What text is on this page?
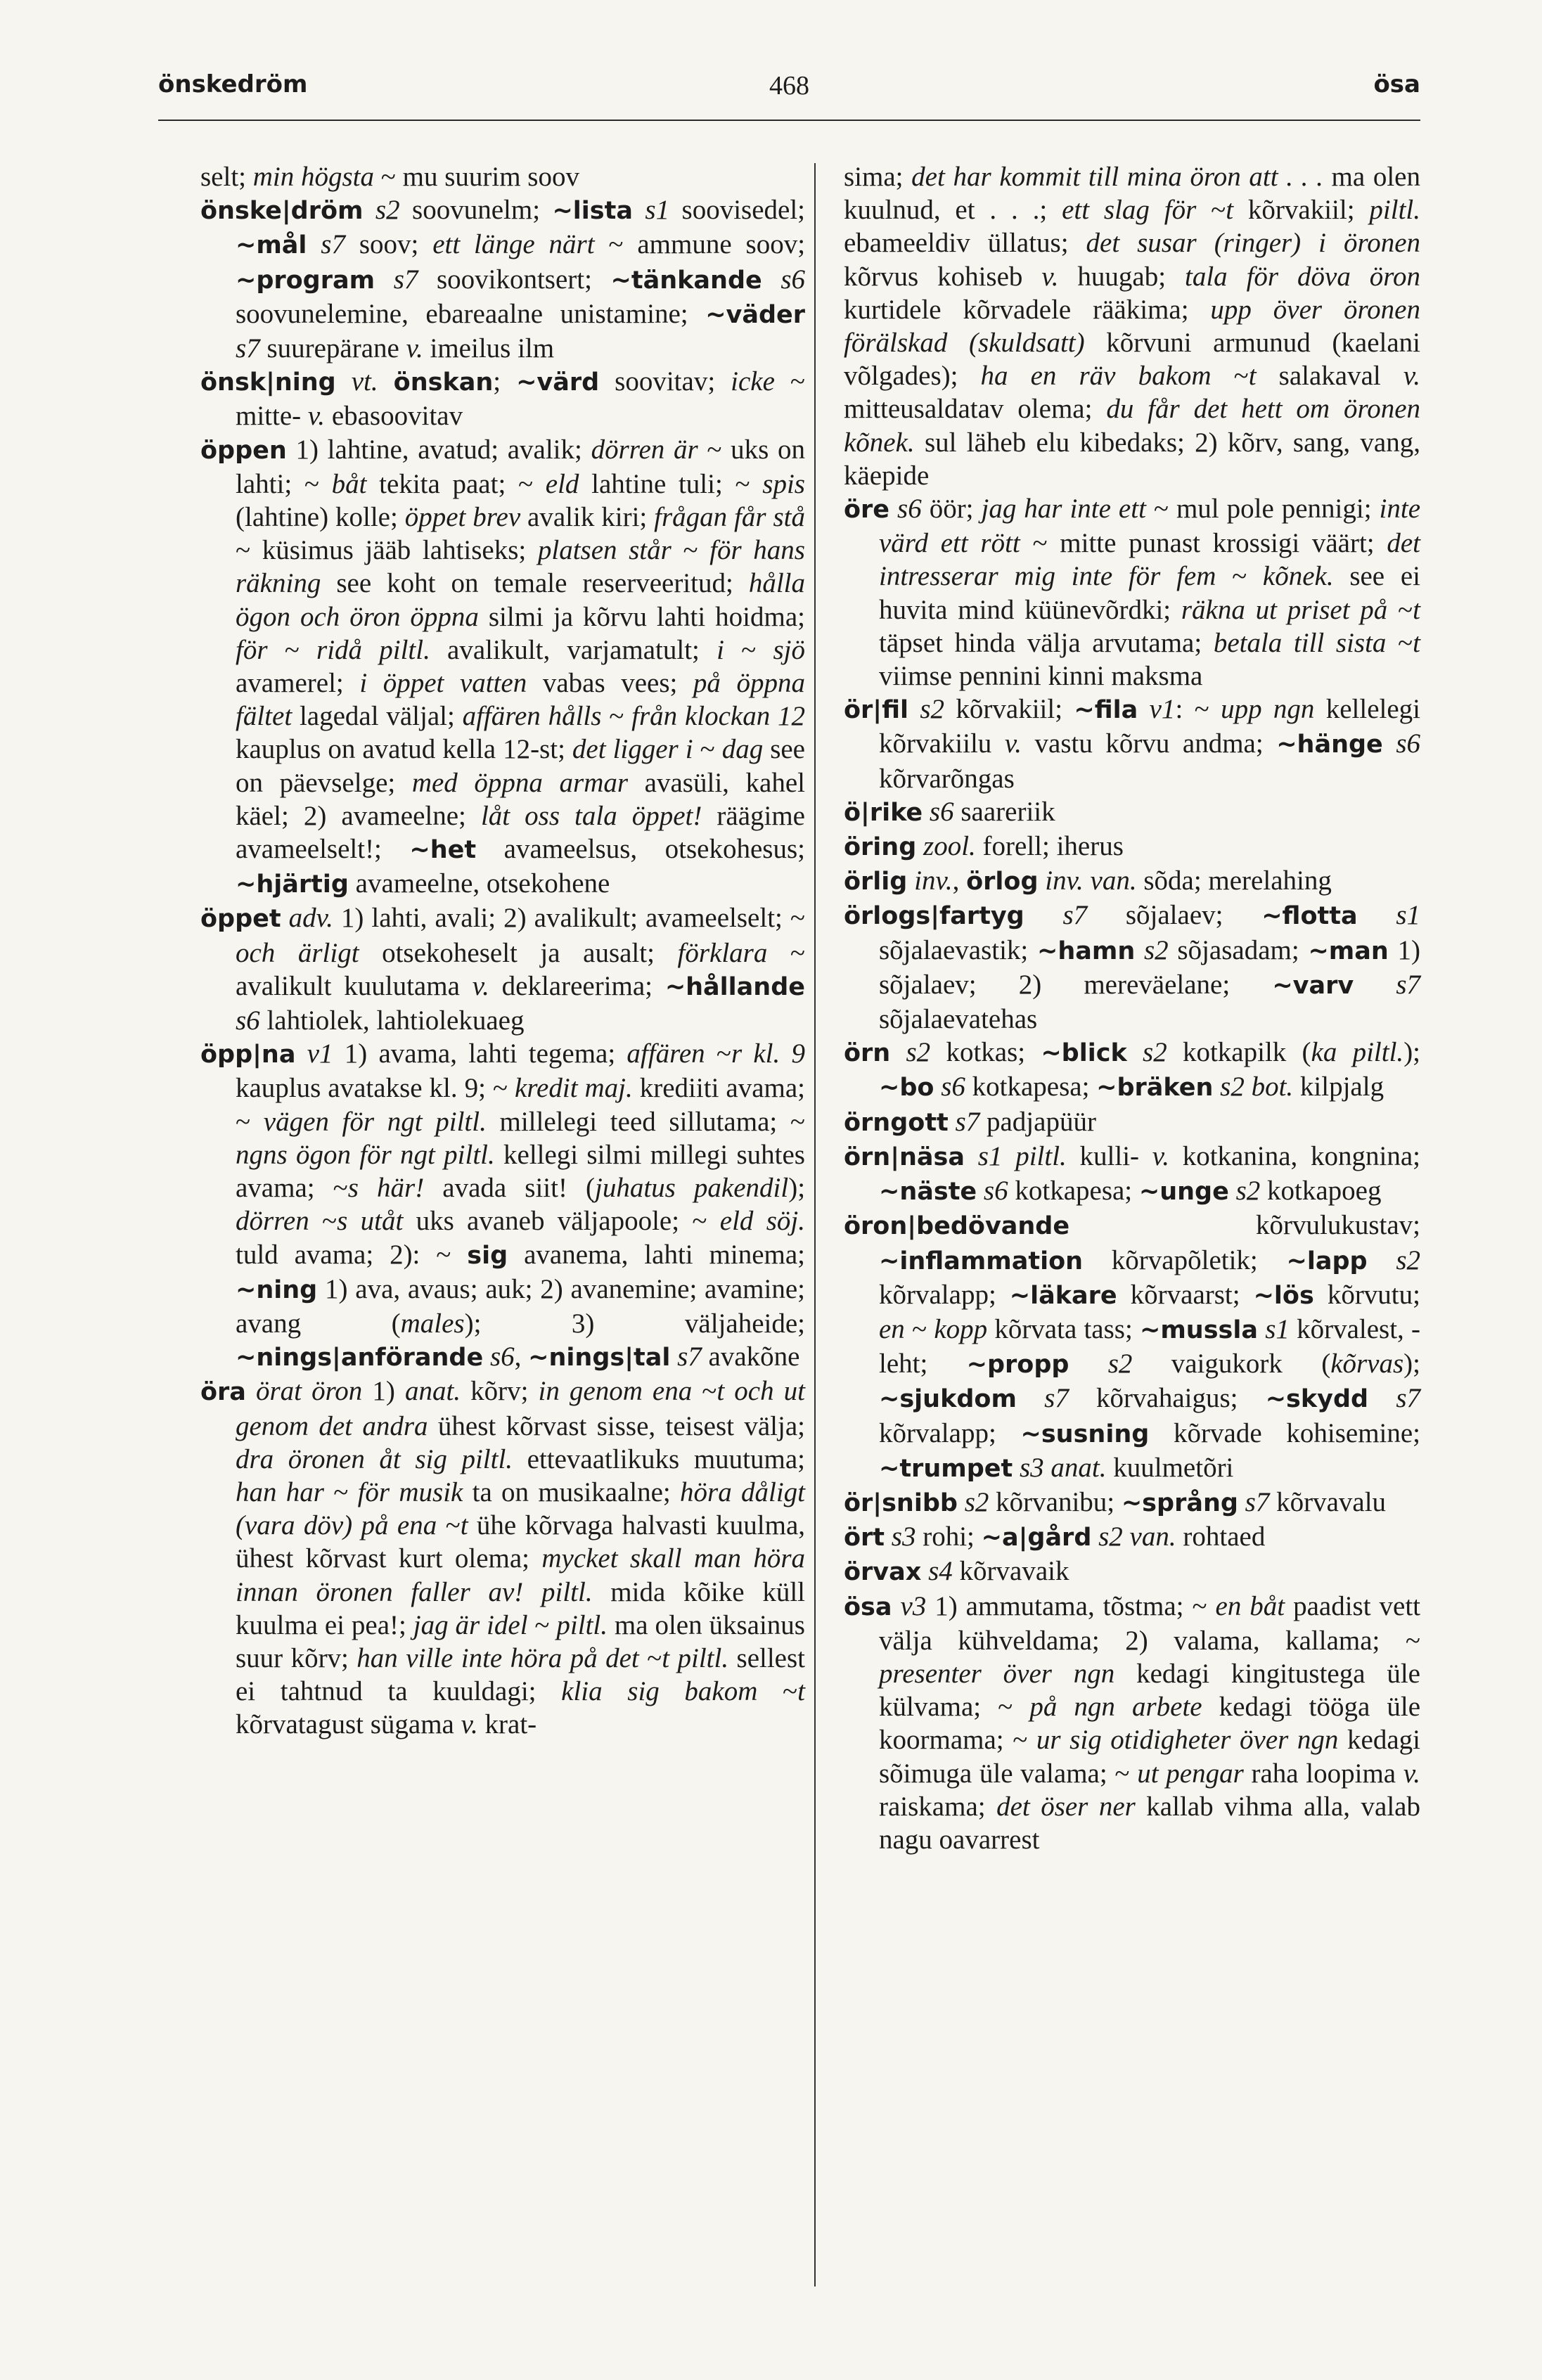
önskedröm	468	ösa

selt; min högsta ~ mu suurim soov

önske|dröm s2 soovunelm; ~lista s1 soovisedel; ~mål s7 soov; ett länge närt ~ ammune soov; ~program s7 soovikontsert; ~tänkande s6 soovunelemine, ebareaalne unistamine; ~väder s7 suurepärane v. imeilus ilm

önsk|ning vt. önskan; ~värd soovitav; icke ~ mitte- v. ebasoovitav

öppen 1) lahtine, avatud; avalik; dörren är ~ uks on lahti; ~ båt tekita paat; ~ eld lahtine tuli; ~ spis (lahtine) kolle; öppet brev avalik kiri; frågan får stå ~ küsimus jääb lahtiseks; platsen står ~ för hans räkning see koht on temale reserveeritud; hålla ögon och öron öppna silmi ja kõrvu lahti hoidma; för ~ ridå piltl. avalikult, varjamatult; i ~ sjö avamerel; i öppet vatten vabas vees; på öppna fältet lagedal väljal; affären hålls ~ från klockan 12 kauplus on avatud kella 12-st; det ligger i ~ dag see on päevselge; med öppna armar avasüli, kahel käel; 2) avameelne; låt oss tala öppet! räägime avameelselt!; ~het avameelsus, otsekohesus; ~hjärtig avameelne, otsekohene

öppet adv. 1) lahti, avali; 2) avalikult; avameelselt; ~ och ärligt otsekoheselt ja ausalt; förklara ~ avalikult kuulutama v. deklareerima; ~hållande s6 lahtiolek, lahtiolekuaeg

öpp|na v1 1) avama, lahti tegema; affären ~r kl. 9 kauplus avatakse kl. 9; ~ kredit maj. krediiti avama; ~ vägen för ngt piltl. millelegi teed sillutama; ~ ngns ögon för ngt piltl. kellegi silmi millegi suhtes avama; ~s här! avada siit! (juhatus pakendil); dörren ~s utåt uks avaneb väljapoole; ~ eld söj. tuld avama; 2): ~ sig avanema, lahti minema; ~ning 1) ava, avaus; auk; 2) avanemine; avamine; avang (males); 3) väljaheide; ~nings|anförande s6, ~nings|tal s7 avakõne

öra örat öron 1) anat. kõrv; in genom ena ~t och ut genom det andra ühest kõrvast sisse, teisest välja; dra öronen åt sig piltl. ettevaatlikuks muutuma; han har ~ för musik ta on musikaalne; höra dåligt (vara döv) på ena ~t ühe kõrvaga halvasti kuulma, ühest kõrvast kurt olema; mycket skall man höra innan öronen faller av! piltl. mida kõike küll kuulma ei pea!; jag är idel ~ piltl. ma olen üksainus suur kõrv; han ville inte höra på det ~t piltl. sellest ei tahtnud ta kuuldagi; klia sig bakom ~t kõrvatagust sügama v. krat-

sima; det har kommit till mina öron att . . . ma olen kuulnud, et . . .; ett slag för ~t kõrvakiil; piltl. ebameeldiv üllatus; det susar (ringer) i öronen kõrvus kohiseb v. huugab; tala för döva öron kurtidele kõrvadele rääkima; upp över öronen förälskad (skuldsatt) kõrvuni armunud (kaelani võlgades); ha en räv bakom ~t salakaval v. mitteusaldatav olema; du får det hett om öronen kõnek. sul läheb elu kibedaks; 2) kõrv, sang, vang, käepide

öre s6 öör; jag har inte ett ~ mul pole pennigi; inte värd ett rött ~ mitte punast krossigi väärt; det intresserar mig inte för fem ~ kõnek. see ei huvita mind küünevõrdki; räkna ut priset på ~t täpset hinda välja arvutama; betala till sista ~t viimse pennini kinni maksma

ör|fil s2 kõrvakiil; ~fila v1: ~ upp ngn kellelegi kõrvakiilu v. vastu kõrvu andma; ~hänge s6 kõrvarõngas

ö|rike s6 saareriik

öring zool. forell; iherus

örlig inv., örlog inv. van. sõda; merelahing

örlogs|fartyg s7 sõjalaev; ~flotta s1 sõjalaevastik; ~hamn s2 sõjasadam; ~man 1) sõjalaev; 2) mereväelane; ~varv s7 sõjalaevatehas

örn s2 kotkas; ~blick s2 kotkapilk (ka piltl.); ~bo s6 kotkapesa; ~bräken s2 bot. kilpjalg

örngott s7 padjapüür

örn|näsa s1 piltl. kulli- v. kotkanina, kongnina; ~näste s6 kotkapesa; ~unge s2 kotkapoeg

öron|bedövande kõrvulukustav; ~inflammation kõrvapõletik; ~lapp s2 kõrvalapp; ~läkare kõrvaarst; ~lös kõrvutu; en ~ kopp kõrvata tass; ~mussla s1 kõrvalest, -leht; ~propp s2 vaigukork (kõrvas); ~sjukdom s7 kõrvahaigus; ~skydd s7 kõrvalapp; ~susning kõrvade kohisemine; ~trumpet s3 anat. kuulmetõri

ör|snibb s2 kõrvanibu; ~språng s7 kõrvavalu

ört s3 rohi; ~a|gård s2 van. rohtaed

örvax s4 kõrvavaik

ösa v3 1) ammutama, tõstma; ~ en båt paadist vett välja kühveldama; 2) valama, kallama; ~ presenter över ngn kedagi kingitustega üle külvama; ~ på ngn arbete kedagi tööga üle koormama; ~ ur sig otidigheter över ngn kedagi sõimuga üle valama; ~ ut pengar raha loopima v. raiskama; det öser ner kallab vihma alla, valab nagu oavarrest
